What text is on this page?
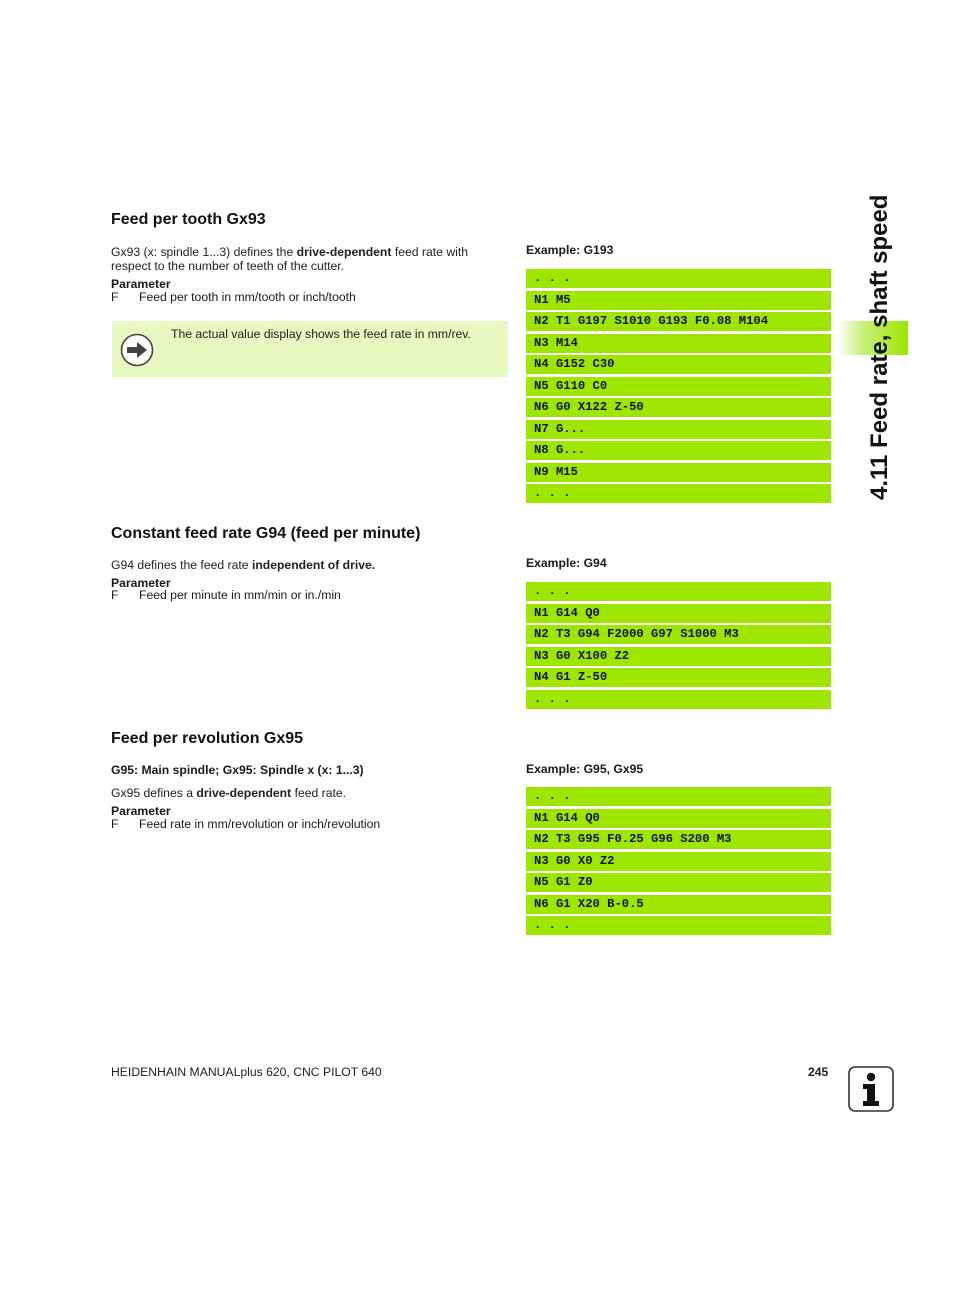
4.11 Feed rate, shaft speed
Feed per tooth Gx93
Gx93 (x: spindle 1...3) defines the drive-dependent feed rate with respect to the number of teeth of the cutter.
Parameter
F Feed per tooth in mm/tooth or inch/tooth
The actual value display shows the feed rate in mm/rev.
Example: G193
. . .
N1 M5
N2 T1 G197 S1010 G193 F0.08 M104
N3 M14
N4 G152 C30
N5 G110 C0
N6 G0 X122 Z-50
N7 G...
N8 G...
N9 M15
. . .
Constant feed rate G94 (feed per minute)
G94 defines the feed rate independent of drive.
Parameter
F Feed per minute in mm/min or in./min
Example: G94
. . .
N1 G14 Q0
N2 T3 G94 F2000 G97 S1000 M3
N3 G0 X100 Z2
N4 G1 Z-50
. . .
Feed per revolution Gx95
G95: Main spindle; Gx95: Spindle x (x: 1...3)
Gx95 defines a drive-dependent feed rate.
Parameter
F Feed rate in mm/revolution or inch/revolution
Example: G95, Gx95
. . .
N1 G14 Q0
N2 T3 G95 F0.25 G96 S200 M3
N3 G0 X0 Z2
N5 G1 Z0
N6 G1 X20 B-0.5
. . .
HEIDENHAIN MANUALplus 620, CNC PILOT 640	245
